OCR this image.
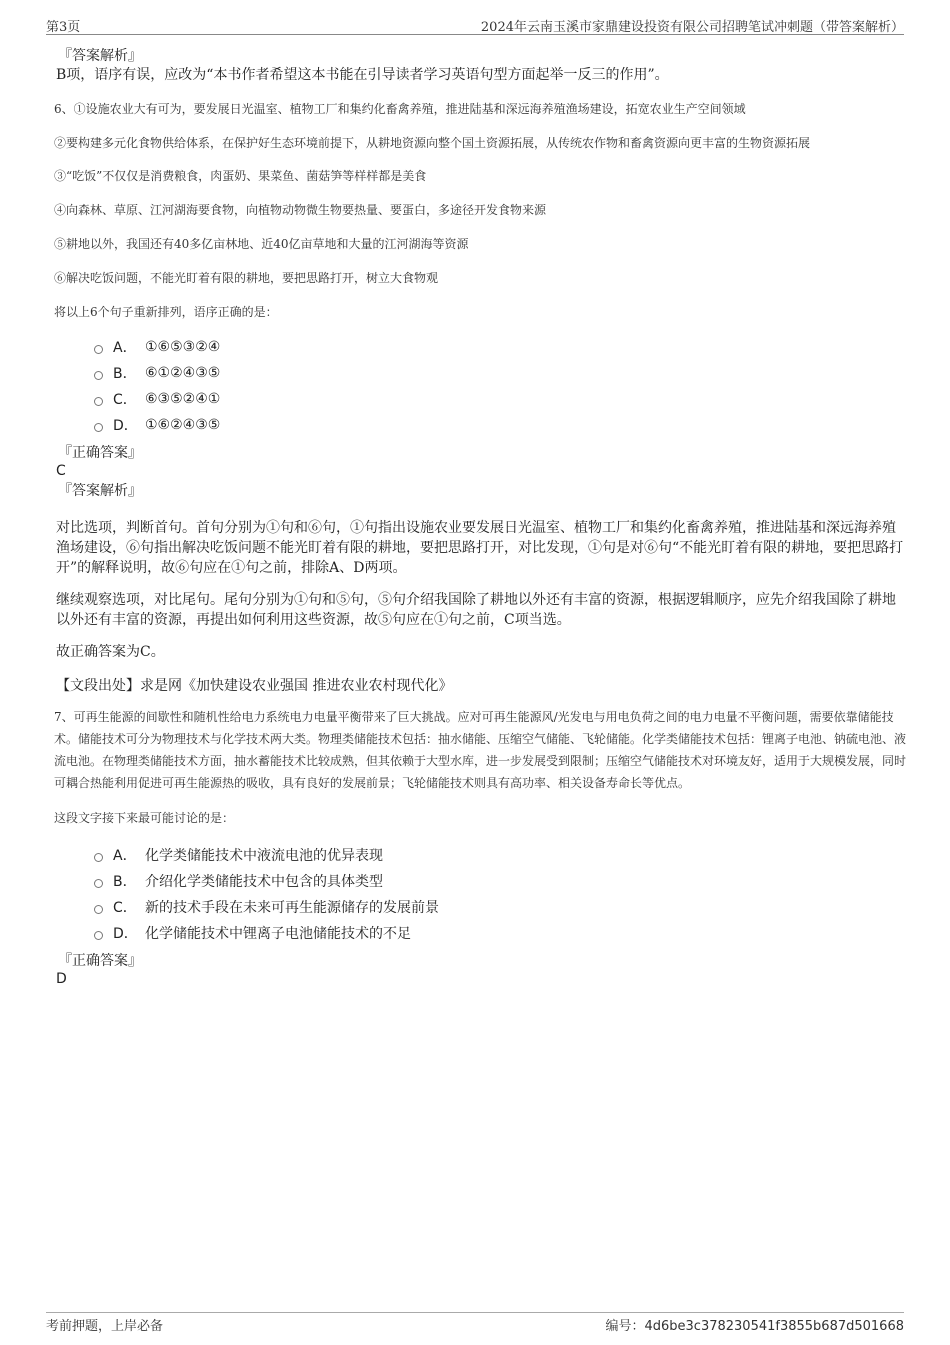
第3页	2024年云南玉溪市家鼎建设投资有限公司招聘笔试冲刺题（带答案解析）

『答案解析』

B项，语序有误，应改为“本书作者希望这本书能在引导读者学习英语句型方面起举一反三的作用”。

6、①设施农业大有可为，要发展日光温室、植物工厂和集约化畜禽养殖，推进陆基和深远海养殖渔场建设，拓宽农业生产空间领域

②要构建多元化食物供给体系，在保护好生态环境前提下，从耕地资源向整个国土资源拓展，从传统农作物和畜禽资源向更丰富的生物资源拓展

③“吃饭”不仅仅是消费粮食，肉蛋奶、果菜鱼、菌菇笋等样样都是美食

④向森林、草原、江河湖海要食物，向植物动物微生物要热量、要蛋白，多途径开发食物来源

⑤耕地以外，我国还有40多亿亩林地、近40亿亩草地和大量的江河湖海等资源

⑥解决吃饭问题，不能光盯着有限的耕地，要把思路打开，树立大食物观

将以上6个句子重新排列，语序正确的是：

A． ①⑥⑤③②④
B． ⑥①②④③⑤
C． ⑥③⑤②④①
D． ①⑥②④③⑤

『正确答案』

C

『答案解析』

对比选项，判断首句。首句分别为①句和⑥句，①句指出设施农业要发展日光温室、植物工厂和集约化畜禽养殖，推进陆基和深远海养殖渔场建设，⑥句指出解决吃饭问题不能光盯着有限的耕地，要把思路打开，对比发现，①句是对⑥句“不能光盯着有限的耕地，要把思路打开”的解释说明，故⑥句应在①句之前，排除A、D两项。

继续观察选项，对比尾句。尾句分别为①句和⑤句，⑤句介绍我国除了耕地以外还有丰富的资源，根据逻辑顺序，应先介绍我国除了耕地以外还有丰富的资源，再提出如何利用这些资源，故⑤句应在①句之前，C项当选。

故正确答案为C。

【文段出处】求是网《加快建设农业强国 推进农业农村现代化》

7、可再生能源的间歇性和随机性给电力系统电力电量平衡带来了巨大挑战。应对可再生能源风/光发电与用电负荷之间的电力电量不平衡问题，需要依靠储能技术。储能技术可分为物理技术与化学技术两大类。物理类储能技术包括：抽水储能、压缩空气储能、飞轮储能。化学类储能技术包括：锂离子电池、钠硫电池、液流电池。在物理类储能技术方面，抽水蓄能技术比较成熟，但其依赖于大型水库，进一步发展受到限制；压缩空气储能技术对环境友好，适用于大规模发展，同时可耦合热能利用促进可再生能源热的吸收，具有良好的发展前景；飞轮储能技术则具有高功率、相关设备寿命长等优点。

这段文字接下来最可能讨论的是：

A． 化学类储能技术中液流电池的优异表现
B． 介绍化学类储能技术中包含的具体类型
C． 新的技术手段在未来可再生能源储存的发展前景
D． 化学储能技术中锂离子电池储能技术的不足

『正确答案』

D

考前押题，上岸必备	编号：4d6be3c378230541f3855b687d501668
